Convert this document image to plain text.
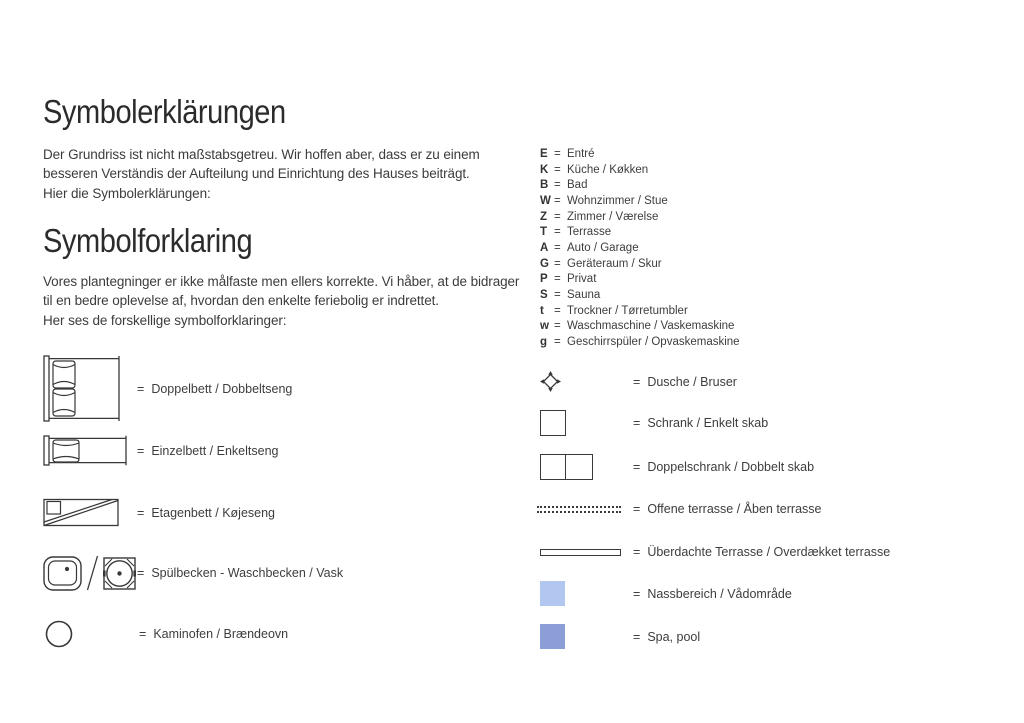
Symbolerklärungen
Der Grundriss ist nicht maßstabsgetreu. Wir hoffen aber, dass er zu einem
besseren Verständis der Aufteilung und Einrichtung des Hauses beiträgt.
Hier die Symbolerklärungen:
Symbolforklaring
Vores plantegninger er ikke målfaste men ellers korrekte. Vi håber, at de bidrager
til en bedre oplevelse af, hvordan den enkelte feriebolig er indrettet.
Her ses de forskellige symbolforklaringer:
E = Entré
K = Küche / Køkken
B = Bad
W = Wohnzimmer / Stue
Z = Zimmer / Værelse
T = Terrasse
A = Auto / Garage
G = Geräteraum / Skur
P = Privat
S = Sauna
t = Trockner / Tørretumbler
w = Waschmaschine / Vaskemaskine
g = Geschirrspüler / Opvaskemaskine
= Doppelbett / Dobbeltseng
= Einzelbett / Enkeltseng
= Etagenbett / Køjeseng
= Spülbecken - Waschbecken / Vask
= Kaminofen / Brændeovn
= Dusche / Bruser
= Schrank / Enkelt skab
= Doppelschrank / Dobbelt skab
= Offene terrasse / Åben terrasse
= Überdachte Terrasse / Overdækket terrasse
= Nassbereich / Vådområde
= Spa, pool
